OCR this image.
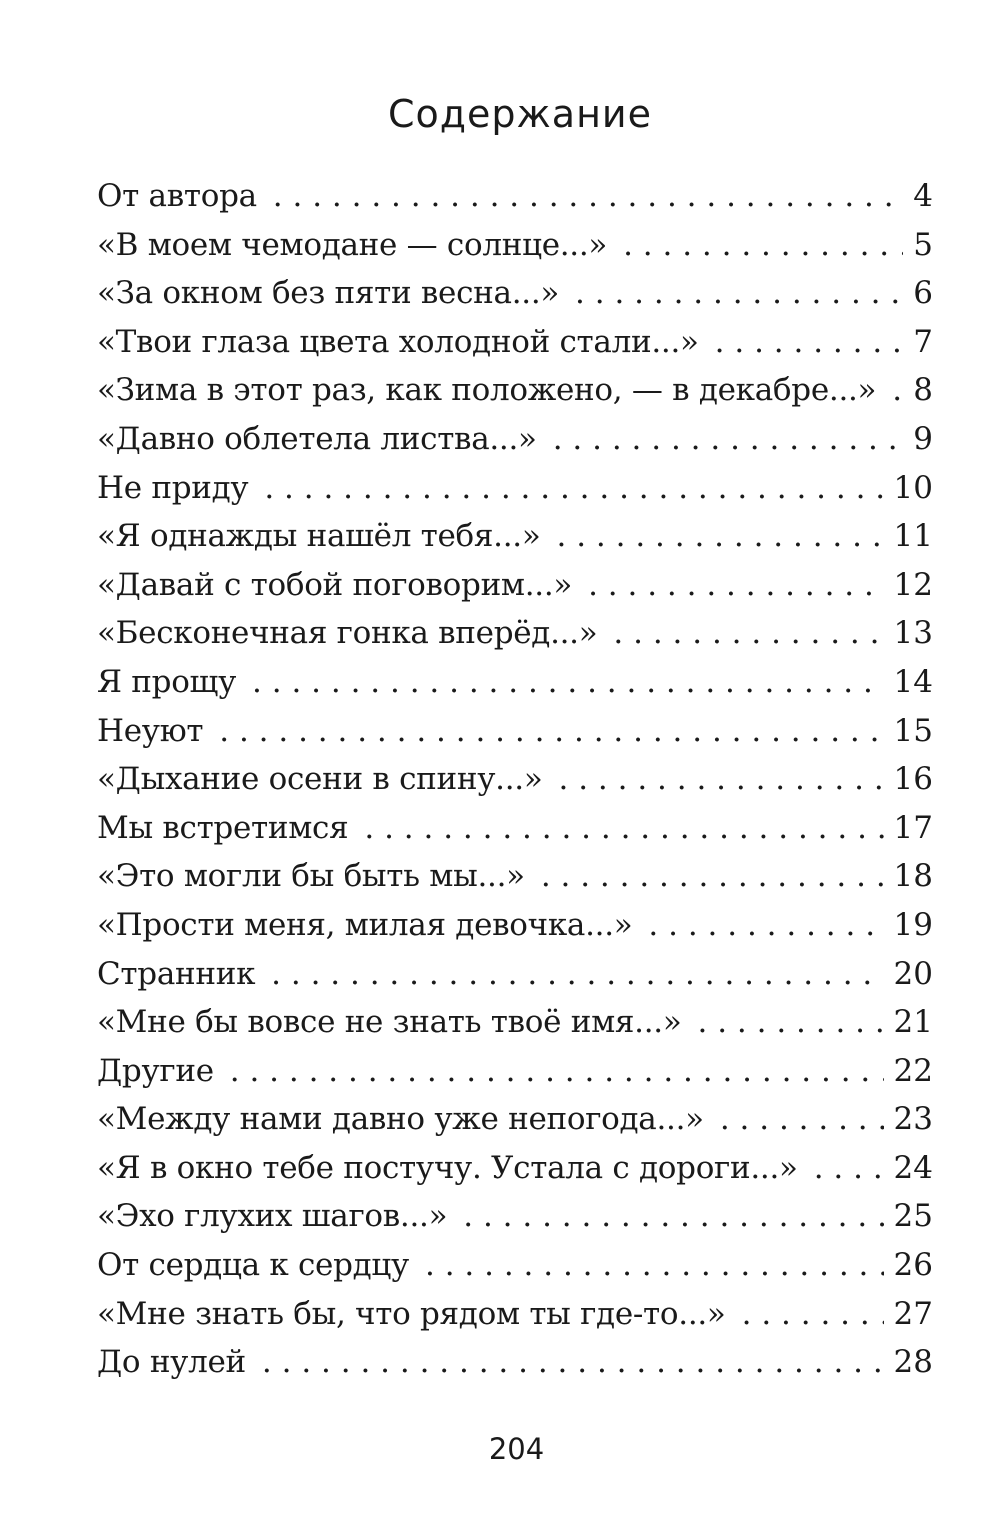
Содержание
От автора . . .	4
«В моем чемодане — солнце...» . . .	5
«За окном без пяти весна...» . . .	6
«Твои глаза цвета холодной стали...» . . .	7
«Зима в этот раз, как положено, — в декабре...» . . . 8
«Давно облетела листва...» . . .	9
Не приду . . .	10
«Я однажды нашёл тебя...» . . .	11
«Давай с тобой поговорим...» . . .	12
«Бесконечная гонка вперёд...» . . .	13
Я прощу . . .	14
Неуют . . .	15
«Дыхание осени в спину...» . . .	16
Мы встретимся . . .	17
«Это могли бы быть мы...» . . .	18
«Прости меня, милая девочка...» . . .	19
Странник . . .	20
«Мне бы вовсе не знать твоё имя...» . . .	21
Другие . . .	22
«Между нами давно уже непогода...» . . .	23
«Я в окно тебе постучу. Устала с дороги...» . . .	24
«Эхо глухих шагов...» . . .	25
От сердца к сердцу . . .	26
«Мне знать бы, что рядом ты где-то...» . . .	27
До нулей . . .	28
204
